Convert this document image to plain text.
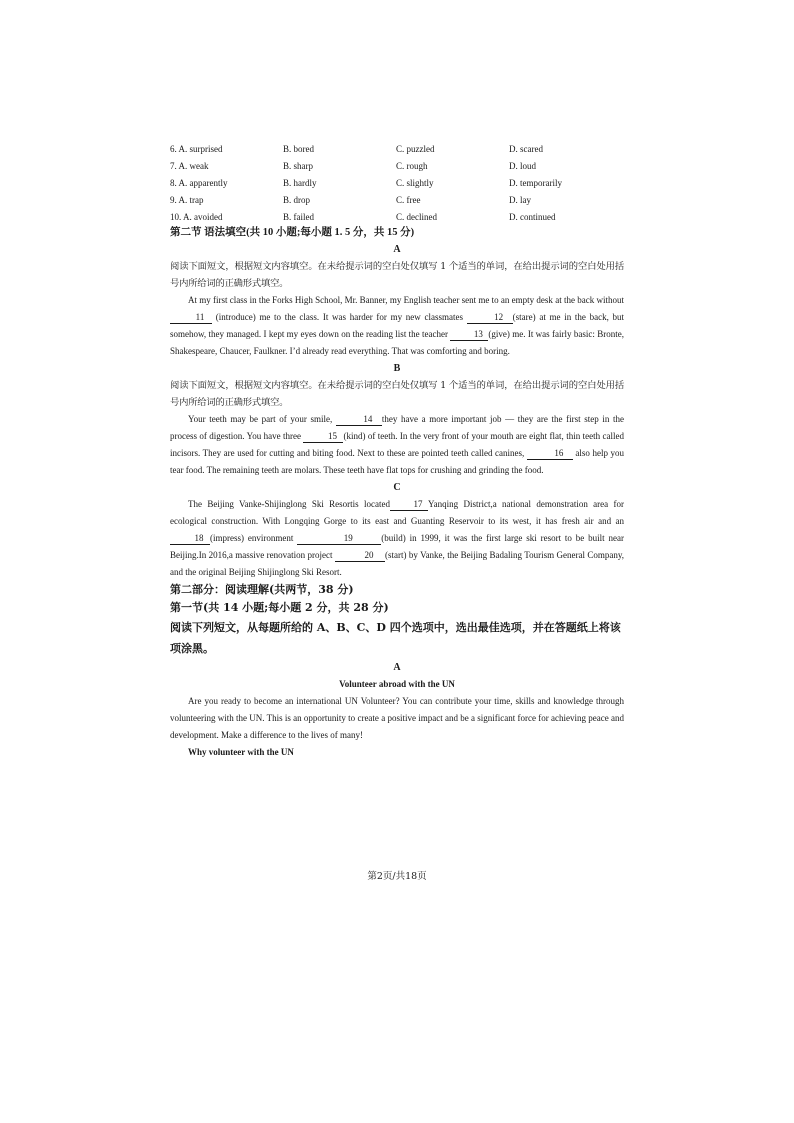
6. A. surprised	B. bored	C. puzzled	D. scared
7. A. weak	B. sharp	C. rough	D. loud
8. A. apparently	B. hardly	C. slightly	D. temporarily
9. A. trap	B. drop	C. free	D. lay
10. A. avoided	B. failed	C. declined	D. continued
第二节 语法填空(共 10 小题;每小题 1. 5 分，共 15 分)
A
阅读下面短文，根据短文内容填空。在未给提示词的空白处仅填写 1 个适当的单词，在给出提示词的空白处用括号内所给词的正确形式填空。

At my first class in the Forks High School, Mr. Banner, my English teacher sent me to an empty desk at the back without11 (introduce) me to the class. It was harder for my new classmates	12 (stare) at me in the back, but somehow, they managed. I kept my eyes down on the reading list the teacher	13 (give) me. It was fairly basic: Bronte, Shakespeare, Chaucer, Faulkner. I’d already read everything. That was comforting and boring.

B
阅读下面短文，根据短文内容填空。在未给提示词的空白处仅填写 1 个适当的单词，在给出提示词的空白处用括号内所给词的正确形式填空。

Your teeth may be part of your smile,	14 they have a more important job — they are the first step in the process of digestion. You have three	15 (kind) of teeth. In the very front of your mouth are eight flat, thin teeth called incisors. They are used for cutting and biting food. Next to these are pointed teeth called canines,	16 also help you tear food. The remaining teeth are molars. These teeth have flat tops for crushing and grinding the food.

C

The Beijing Vanke-Shijinglong Ski Resortis located	17 Yanqing District,a national demonstration area for ecological construction. With Longqing Gorge to its east and Guanting Reservoir to its west, it has fresh air and an 18 (impress) environment	19	(build) in 1999, it was the first large ski resort to be built near Beijing.In 2016,a massive renovation project	20 (start) by Vanke, the Beijing Badaling Tourism General Company, and the original Beijing Shijinglong Ski Resort.

第二部分：阅读理解(共两节，38 分)
第一节(共 14 小题;每小题 2 分，共 28 分)
阅读下列短文，从每题所给的 A、B、C、D 四个选项中，选出最佳选项，并在答题纸上将该项涂黑。
A
Volunteer abroad with the UN

Are you ready to become an international UN Volunteer? You can contribute your time, skills and knowledge through volunteering with the UN. This is an opportunity to create a positive impact and be a significant force for achieving peace and development. Make a difference to the lives of many!

Why volunteer with the UN
第2页/共18页
